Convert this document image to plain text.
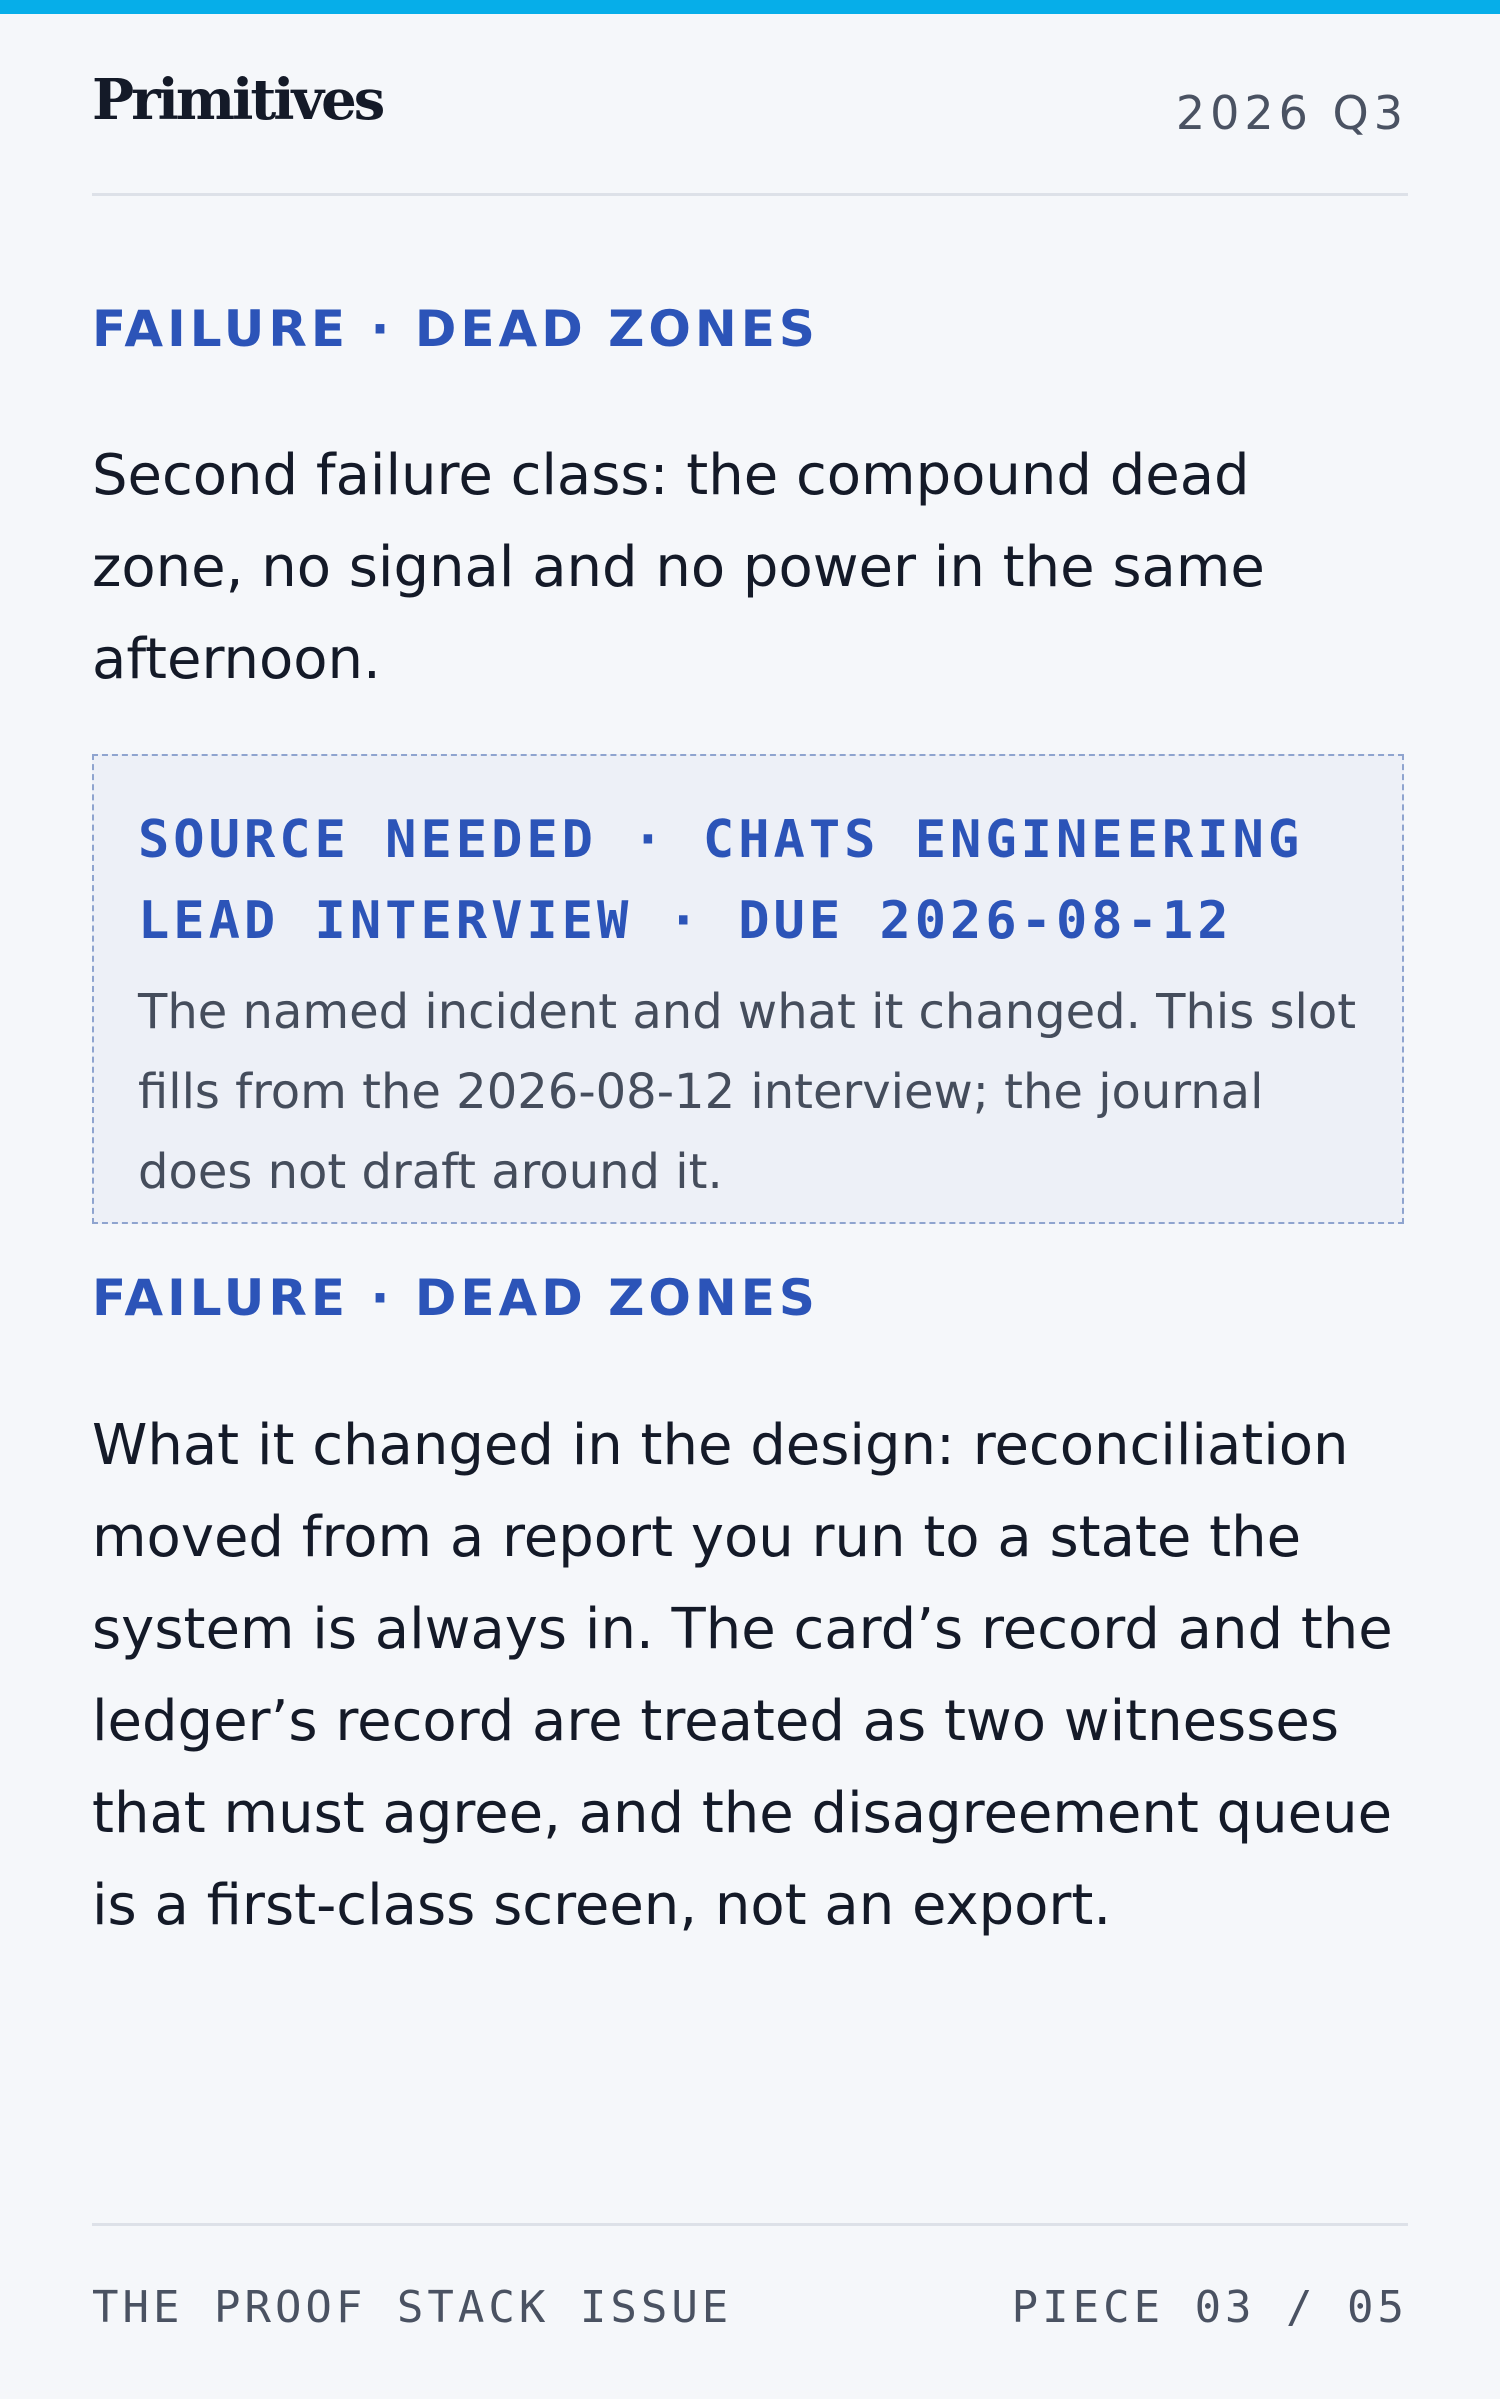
Primitives	2026 Q3
FAILURE · DEAD ZONES

Second failure class: the compound dead zone, no signal and no power in the same afternoon.

SOURCE NEEDED · CHATS ENGINEERING LEAD INTERVIEW · DUE 2026-08-12

The named incident and what it changed. This slot fills from the 2026-08-12 interview; the journal does not draft around it.

FAILURE · DEAD ZONES

What it changed in the design: reconciliation moved from a report you run to a state the system is always in. The card’s record and the ledger’s record are treated as two witnesses that must agree, and the disagreement queue is a first-class screen, not an export.

THE PROOF STACK ISSUE	PIECE 03 / 05
